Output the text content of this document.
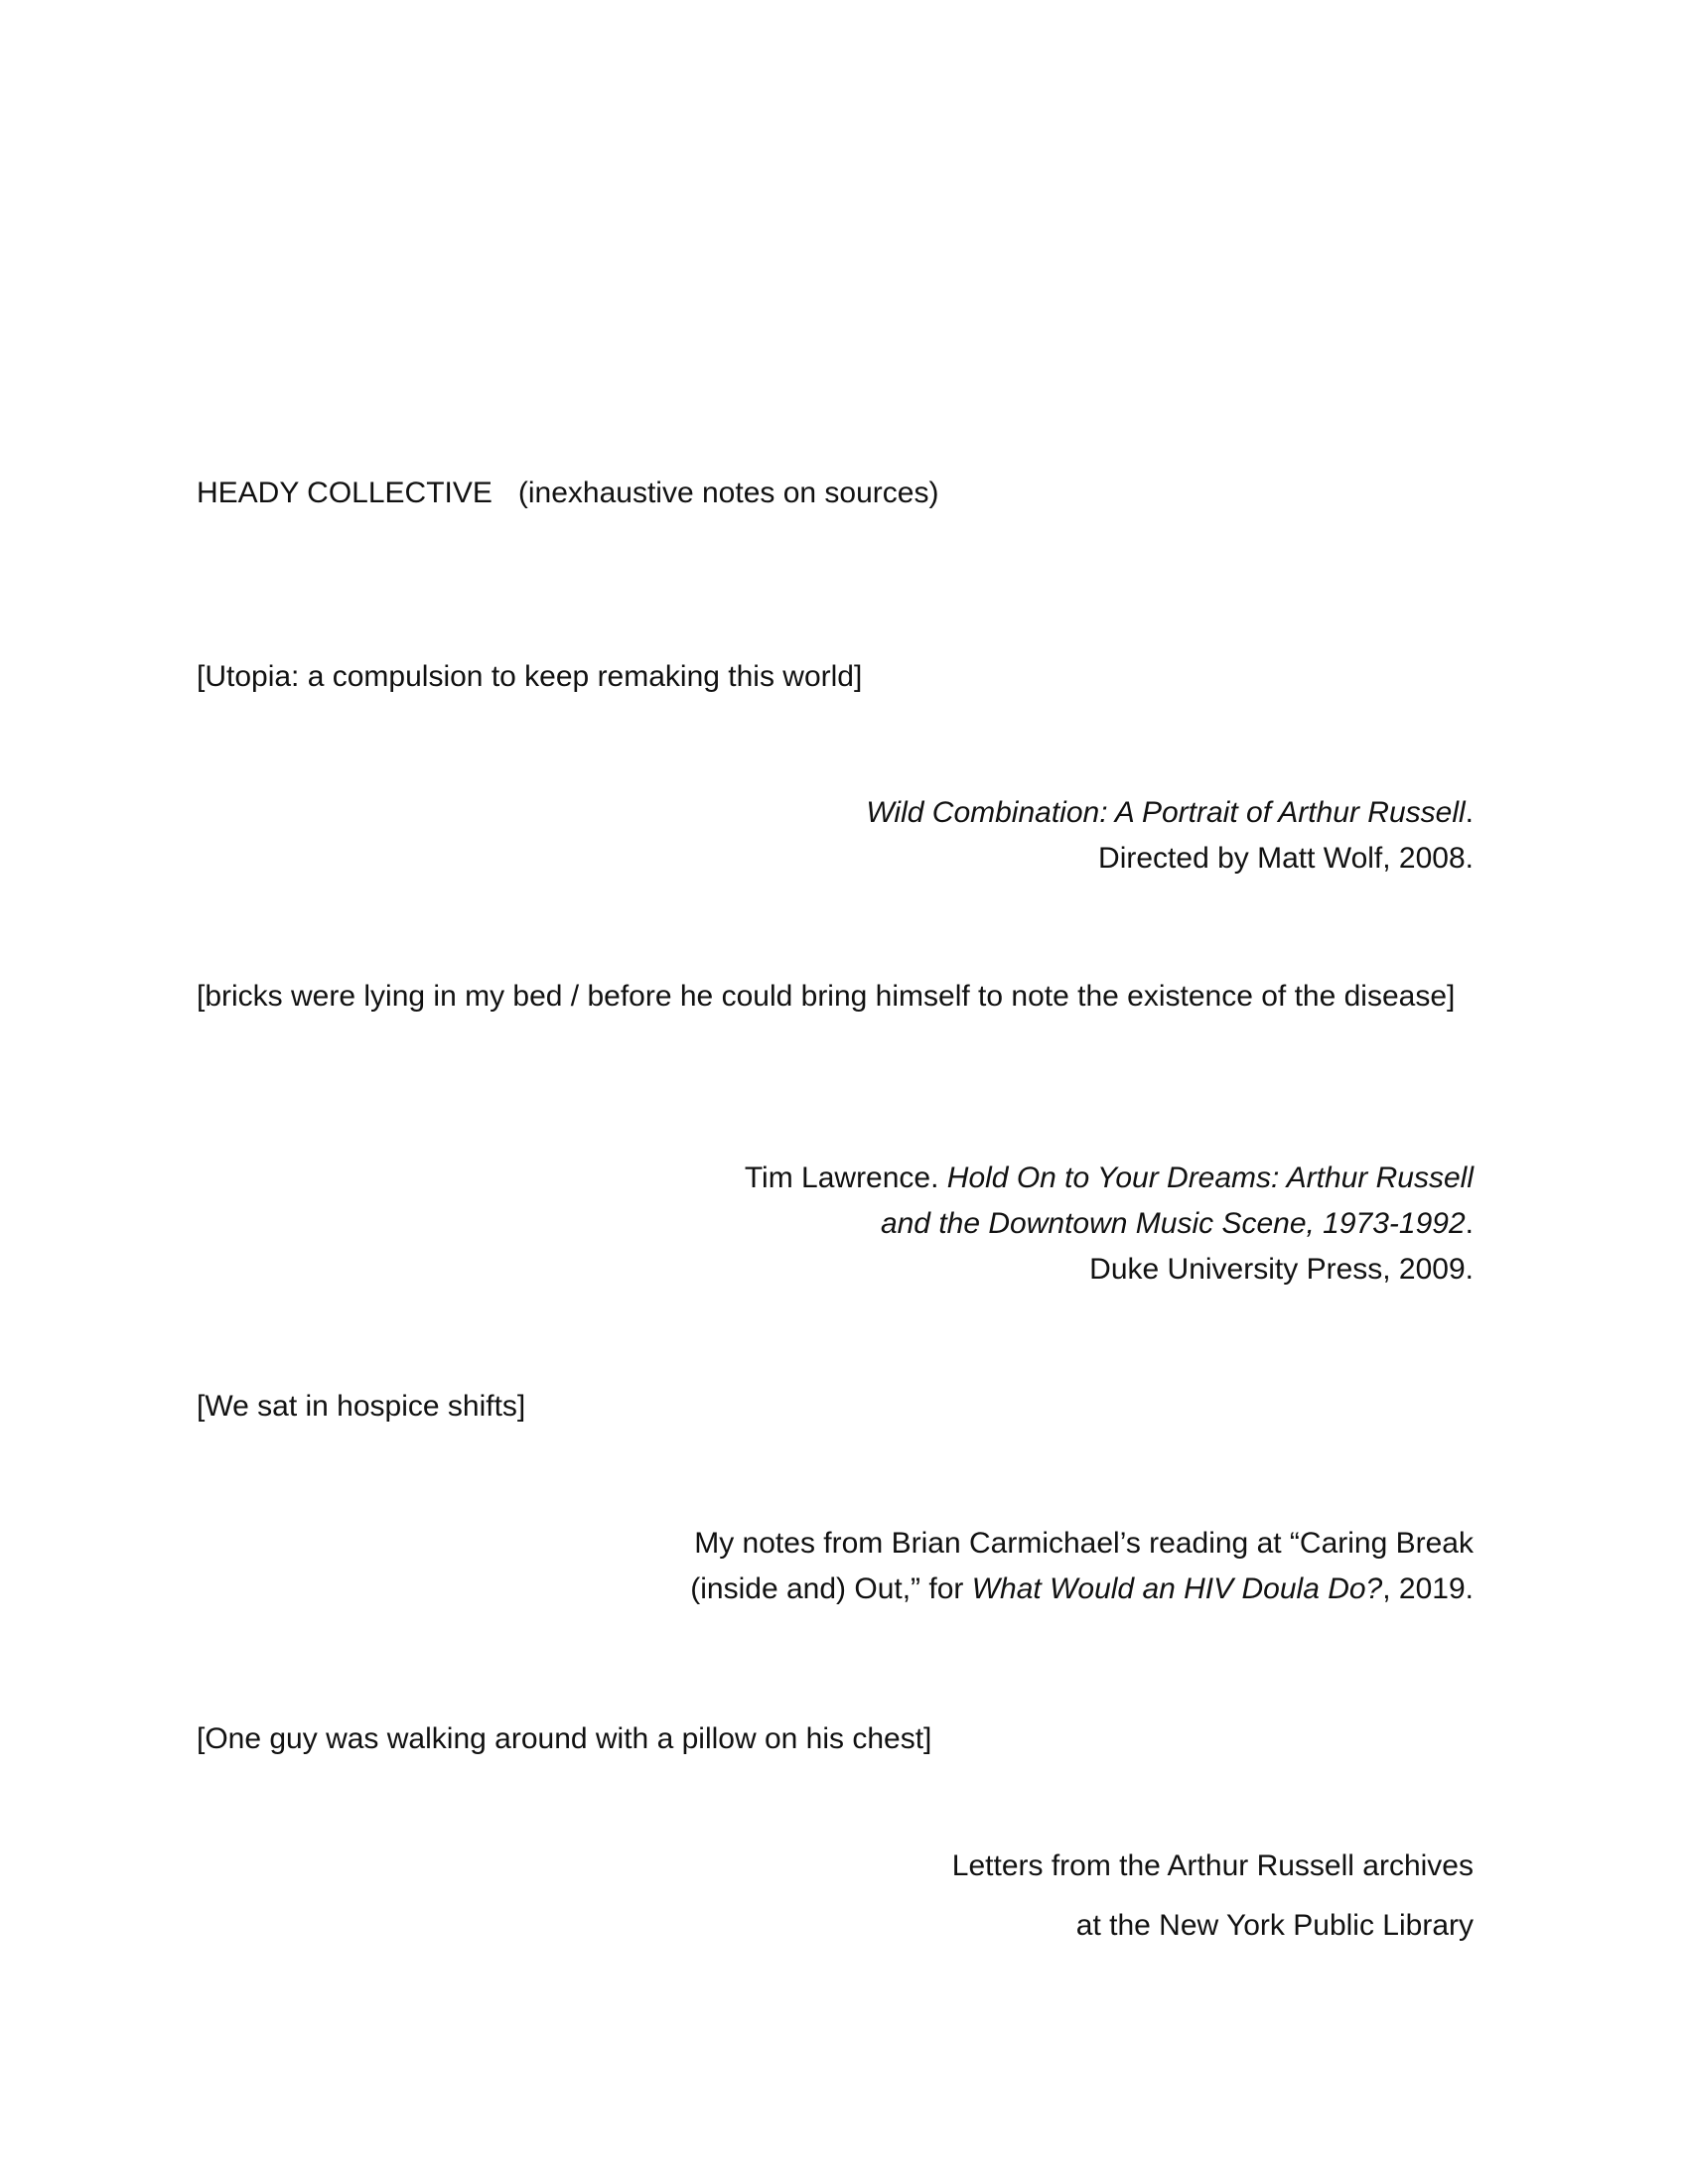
HEADY COLLECTIVE (inexhaustive notes on sources)
[Utopia: a compulsion to keep remaking this world]
Wild Combination: A Portrait of Arthur Russell.
Directed by Matt Wolf, 2008.
[bricks were lying in my bed / before he could bring himself to note the existence of the disease]
Tim Lawrence. Hold On to Your Dreams: Arthur Russell
and the Downtown Music Scene, 1973-1992.
Duke University Press, 2009.
[We sat in hospice shifts]
My notes from Brian Carmichael’s reading at “Caring Break
(inside and) Out,” for What Would an HIV Doula Do?, 2019.
[One guy was walking around with a pillow on his chest]
Letters from the Arthur Russell archives
at the New York Public Library
